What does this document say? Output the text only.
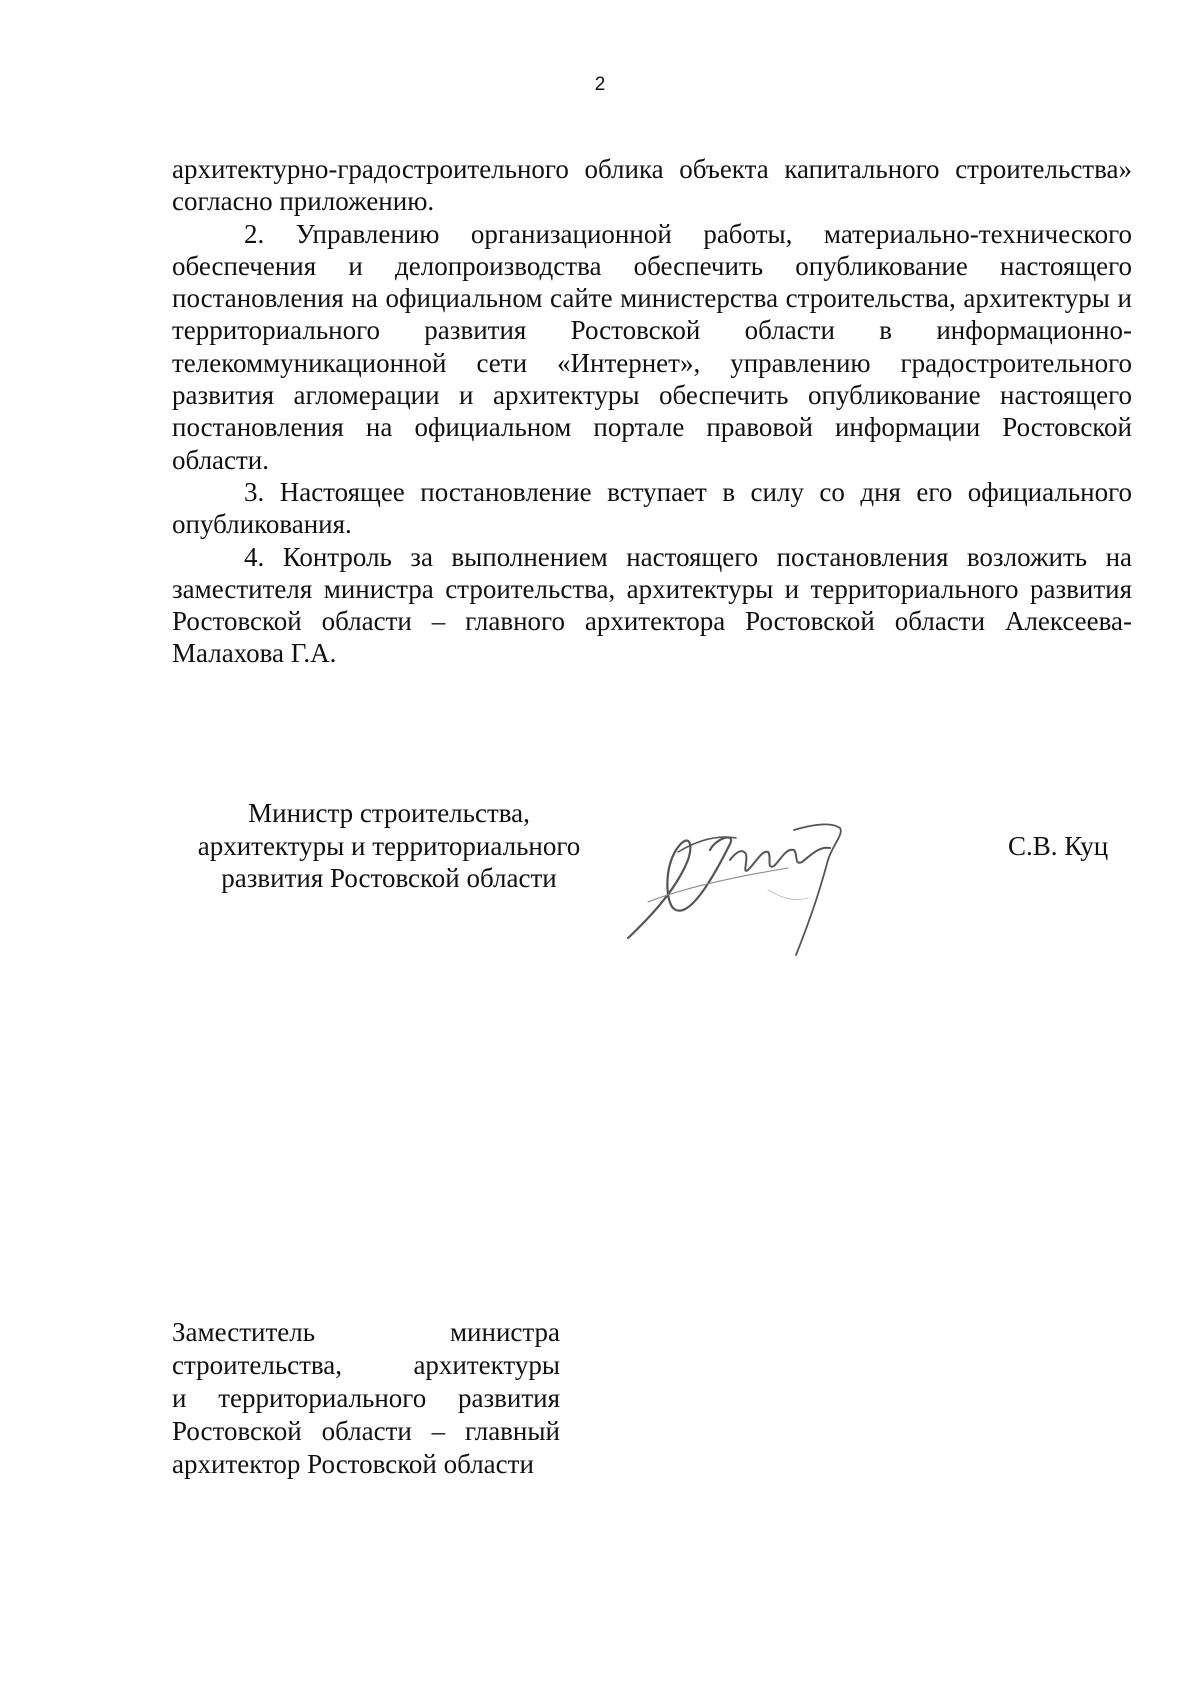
2

архитектурно-градостроительного облика объекта капитального строительства» согласно приложению.

2. Управлению организационной работы, материально-технического обеспечения и делопроизводства обеспечить опубликование настоящего постановления на официальном сайте министерства строительства, архитектуры и территориального развития Ростовской области в информационно-телекоммуникационной сети «Интернет», управлению градостроительного развития агломерации и архитектуры обеспечить опубликование настоящего постановления на официальном портале правовой информации Ростовской области.

3. Настоящее постановление вступает в силу со дня его официального опубликования.

4. Контроль за выполнением настоящего постановления возложить на заместителя министра строительства, архитектуры и территориального развития Ростовской области – главного архитектора Ростовской области Алексеева-Малахова Г.А.

Министр строительства,
архитектуры и территориального
развития Ростовской области
С.В. Куц
Заместитель	министра
строительства,	архитектуры
и территориального развития
Ростовской области – главный
архитектор Ростовской области
